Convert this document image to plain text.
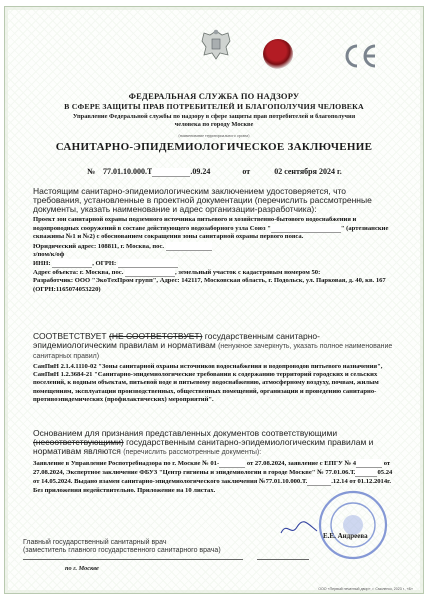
ФЕДЕРАЛЬНАЯ СЛУЖБА ПО НАДЗОРУ
В СФЕРЕ ЗАЩИТЫ ПРАВ ПОТРЕБИТЕЛЕЙ И БЛАГОПОЛУЧИЯ ЧЕЛОВЕКА
Управление Федеральной службы по надзору в сфере защиты прав потребителей и благополучия
человека по городу Москве
(наименование территориального органа)
САНИТАРНО-ЭПИДЕМИОЛОГИЧЕСКОЕ ЗАКЛЮЧЕНИЕ
№ 77.01.10.000.Т	.09.24	от	02 сентября 2024 г.
Настоящим санитарно-эпидемиологическим заключением удостоверяется, что требования, установленные в проектной документации (перечислить рассмотренные документы, указать наименование и адрес организации-разработчика):
Проект зон санитарной охраны подземного источника питьевого и хозяйственно-бытового водоснабжения и водопроводных сооружений в составе действующего водозаборного узла Союз "	" (артезианские скважины №1 и №2) с обоснованием сокращения зоны санитарной охраны первого пояса.
Юридический адрес: 108811, г. Москва, пос.
з/пом/к/оф
ИНН:	, ОГРН:
Адрес объекта: г. Москва, пос.	, земельный участок с кадастровым номером 50:
Разработчик: ООО "ЭкоТехПром групп", Адрес: 142117, Московская область, г. Подольск, ул. Парковая, д. 40, кв. 167 (ОГРН:1165074053220)
СООТВЕТСТВУЕТ (НЕ СООТВЕТСТВУЕТ) государственным санитарно-эпидемиологическим правилам и нормативам (ненужное зачеркнуть, указать полное наименование санитарных правил)
СанПиН 2.1.4.1110-02 "Зоны санитарной охраны источников водоснабжения и водопроводов питьевого назначения",
СанПиН 1.2.3684-21 "Санитарно-эпидемиологические требования к содержанию территорий городских и сельских поселений, к водным объектам, питьевой воде и питьевому водоснабжению, атмосферному воздуху, почвам, жилым помещениям, эксплуатации производственных, общественных помещений, организации и проведению санитарно-противоэпидемических (профилактических) мероприятий".
Основанием для признания представленных документов соответствующими (несоответствующими) государственным санитарно-эпидемиологическим правилам и нормативам являются (перечислить рассмотренные документы):
Заявление в Управление Роспотребнадзора по г. Москве № 01-	от 27.08.2024, заявление с ЕПГУ № 4	от 27.08.2024, Экспертное заключение ФБУЗ "Центр гигиены и эпидемиологии в городе Москве" № 77.01.06.Т.	05.24 от 14.05.2024. Выдано взамен санитарно-эпидемиологического заключения №77.01.10.000.Т.	.12.14 от 01.12.2014г. Без приложения недействительно. Приложение на 10 листах.
Главный государственный санитарный врач
(заместитель главного государственного санитарного врача)
по г. Москве
Е.Е. Андреева
ООО «Первый печатный двор», г. Смоленск, 2023 г., «Б»
